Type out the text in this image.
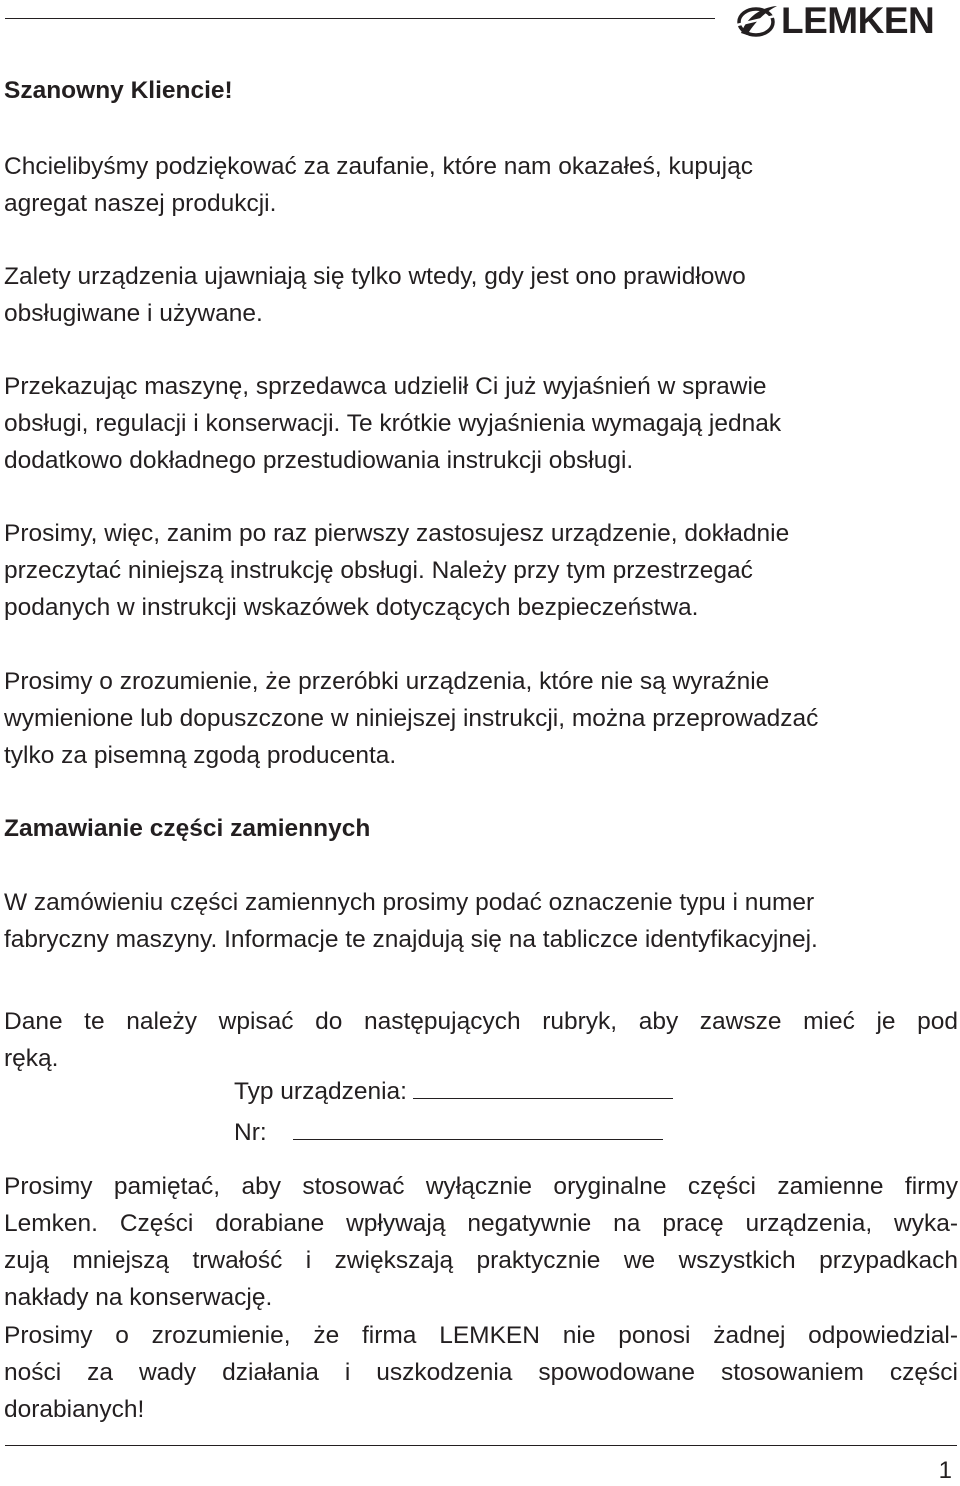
LEMKEN

Szanowny Kliencie!

Chcielibyśmy podziękować za zaufanie, które nam okazałeś, kupując

agregat naszej produkcji.

Zalety urządzenia ujawniają się tylko wtedy, gdy jest ono prawidłowo

obsługiwane i używane.

Przekazując maszynę, sprzedawca udzielił Ci już wyjaśnień w sprawie

obsługi, regulacji i konserwacji. Te krótkie wyjaśnienia wymagają jednak

dodatkowo dokładnego przestudiowania instrukcji obsługi.

Prosimy, więc, zanim po raz pierwszy zastosujesz urządzenie, dokładnie

przeczytać niniejszą instrukcję obsługi. Należy przy tym przestrzegać

podanych w instrukcji wskazówek dotyczących bezpieczeństwa.

Prosimy o zrozumienie, że przeróbki urządzenia, które nie są wyraźnie

wymienione lub dopuszczone w niniejszej instrukcji, można przeprowadzać

tylko za pisemną zgodą producenta.

Zamawianie części zamiennych

W zamówieniu części zamiennych prosimy podać oznaczenie typu i numer

fabryczny maszyny. Informacje te znajdują się na tabliczce identyfikacyjnej.

Dane te należy wpisać do następujących rubryk, aby zawsze mieć je pod

ręką.

Typ urządzenia:
Nr:

Prosimy pamiętać, aby stosować wyłącznie oryginalne części zamienne firmy

Lemken. Części dorabiane wpływają negatywnie na pracę urządzenia, wyka-

zują mniejszą trwałość i zwiększają praktycznie we wszystkich przypadkach

nakłady na konserwację.

Prosimy o zrozumienie, że firma LEMKEN nie ponosi żadnej odpowiedzial-

ności za wady działania i uszkodzenia spowodowane stosowaniem części

dorabianych!

1
